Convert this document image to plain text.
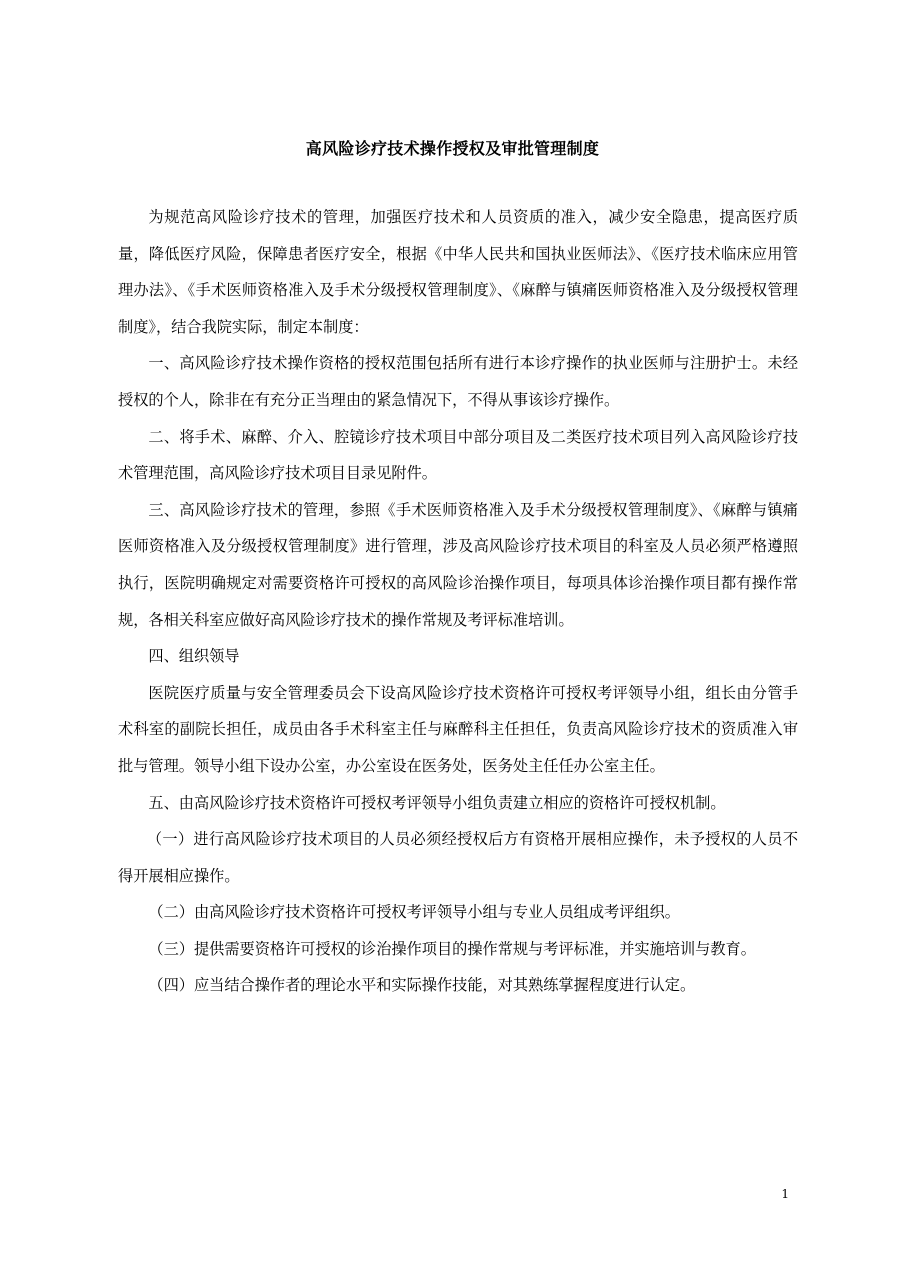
高风险诊疗技术操作授权及审批管理制度

为规范高风险诊疗技术的管理，加强医疗技术和人员资质的准入，减少安全隐患，提高医疗质量，降低医疗风险，保障患者医疗安全，根据《中华人民共和国执业医师法》、《医疗技术临床应用管理办法》、《手术医师资格准入及手术分级授权管理制度》、《麻醉与镇痛医师资格准入及分级授权管理制度》，结合我院实际，制定本制度：

一、高风险诊疗技术操作资格的授权范围包括所有进行本诊疗操作的执业医师与注册护士。未经授权的个人，除非在有充分正当理由的紧急情况下，不得从事该诊疗操作。

二、将手术、麻醉、介入、腔镜诊疗技术项目中部分项目及二类医疗技术项目列入高风险诊疗技术管理范围，高风险诊疗技术项目目录见附件。

三、高风险诊疗技术的管理，参照《手术医师资格准入及手术分级授权管理制度》、《麻醉与镇痛医师资格准入及分级授权管理制度》进行管理，涉及高风险诊疗技术项目的科室及人员必须严格遵照执行，医院明确规定对需要资格许可授权的高风险诊治操作项目，每项具体诊治操作项目都有操作常规，各相关科室应做好高风险诊疗技术的操作常规及考评标准培训。

四、组织领导

医院医疗质量与安全管理委员会下设高风险诊疗技术资格许可授权考评领导小组，组长由分管手术科室的副院长担任，成员由各手术科室主任与麻醉科主任担任，负责高风险诊疗技术的资质准入审批与管理。领导小组下设办公室，办公室设在医务处，医务处主任任办公室主任。

五、由高风险诊疗技术资格许可授权考评领导小组负责建立相应的资格许可授权机制。

（一）进行高风险诊疗技术项目的人员必须经授权后方有资格开展相应操作，未予授权的人员不得开展相应操作。

（二）由高风险诊疗技术资格许可授权考评领导小组与专业人员组成考评组织。

（三）提供需要资格许可授权的诊治操作项目的操作常规与考评标准，并实施培训与教育。

（四）应当结合操作者的理论水平和实际操作技能，对其熟练掌握程度进行认定。

1
